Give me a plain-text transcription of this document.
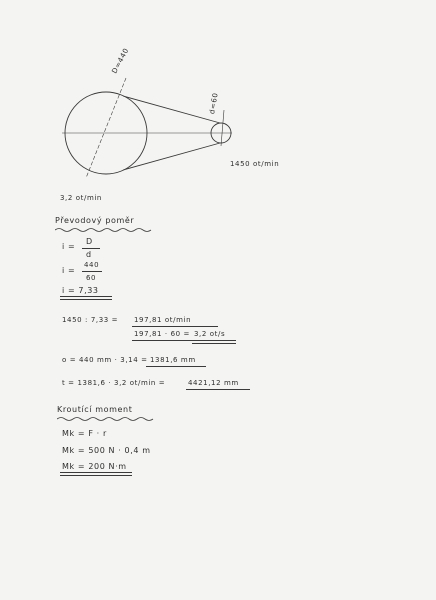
D=440
d=60
1450 ot/min
3,2 ot/min
Převodový poměr
i =
D
d
i =
440
60
i = 7,33
1450 : 7,33 = 197,81 ot/min
197,81 · 60 = 3,2 ot/s
o = 440 mm · 3,14 = 1381,6 mm
t = 1381,6 · 3,2 ot/min =	4421,12 mm
Kroutící moment
Mk = F · r
Mk = 500 N · 0,4 m
Mk = 200 N·m
